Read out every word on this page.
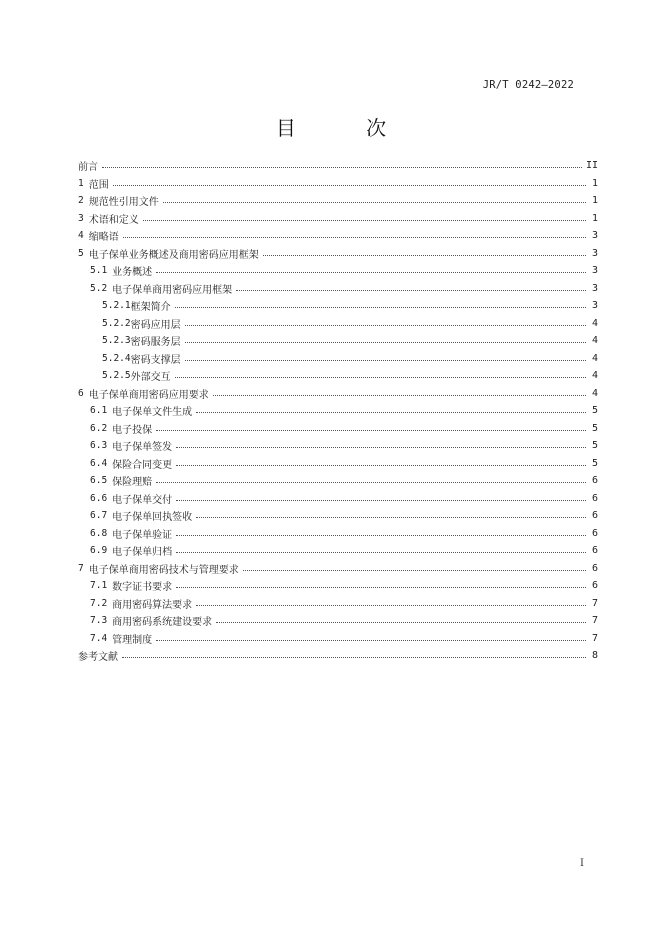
JR/T 0242—2022
目 次
前言	II
1 范围	1
2 规范性引用文件	1
3 术语和定义	1
4 缩略语	3
5 电子保单业务概述及商用密码应用框架	3
5.1 业务概述	3
5.2 电子保单商用密码应用框架	3
5.2.1 框架简介	3
5.2.2 密码应用层	4
5.2.3 密码服务层	4
5.2.4 密码支撑层	4
5.2.5 外部交互	4
6 电子保单商用密码应用要求	4
6.1 电子保单文件生成	5
6.2 电子投保	5
6.3 电子保单签发	5
6.4 保险合同变更	5
6.5 保险理赔	6
6.6 电子保单交付	6
6.7 电子保单回执签收	6
6.8 电子保单验证	6
6.9 电子保单归档	6
7 电子保单商用密码技术与管理要求	6
7.1 数字证书要求	6
7.2 商用密码算法要求	7
7.3 商用密码系统建设要求	7
7.4 管理制度	7
参考文献	8
I
